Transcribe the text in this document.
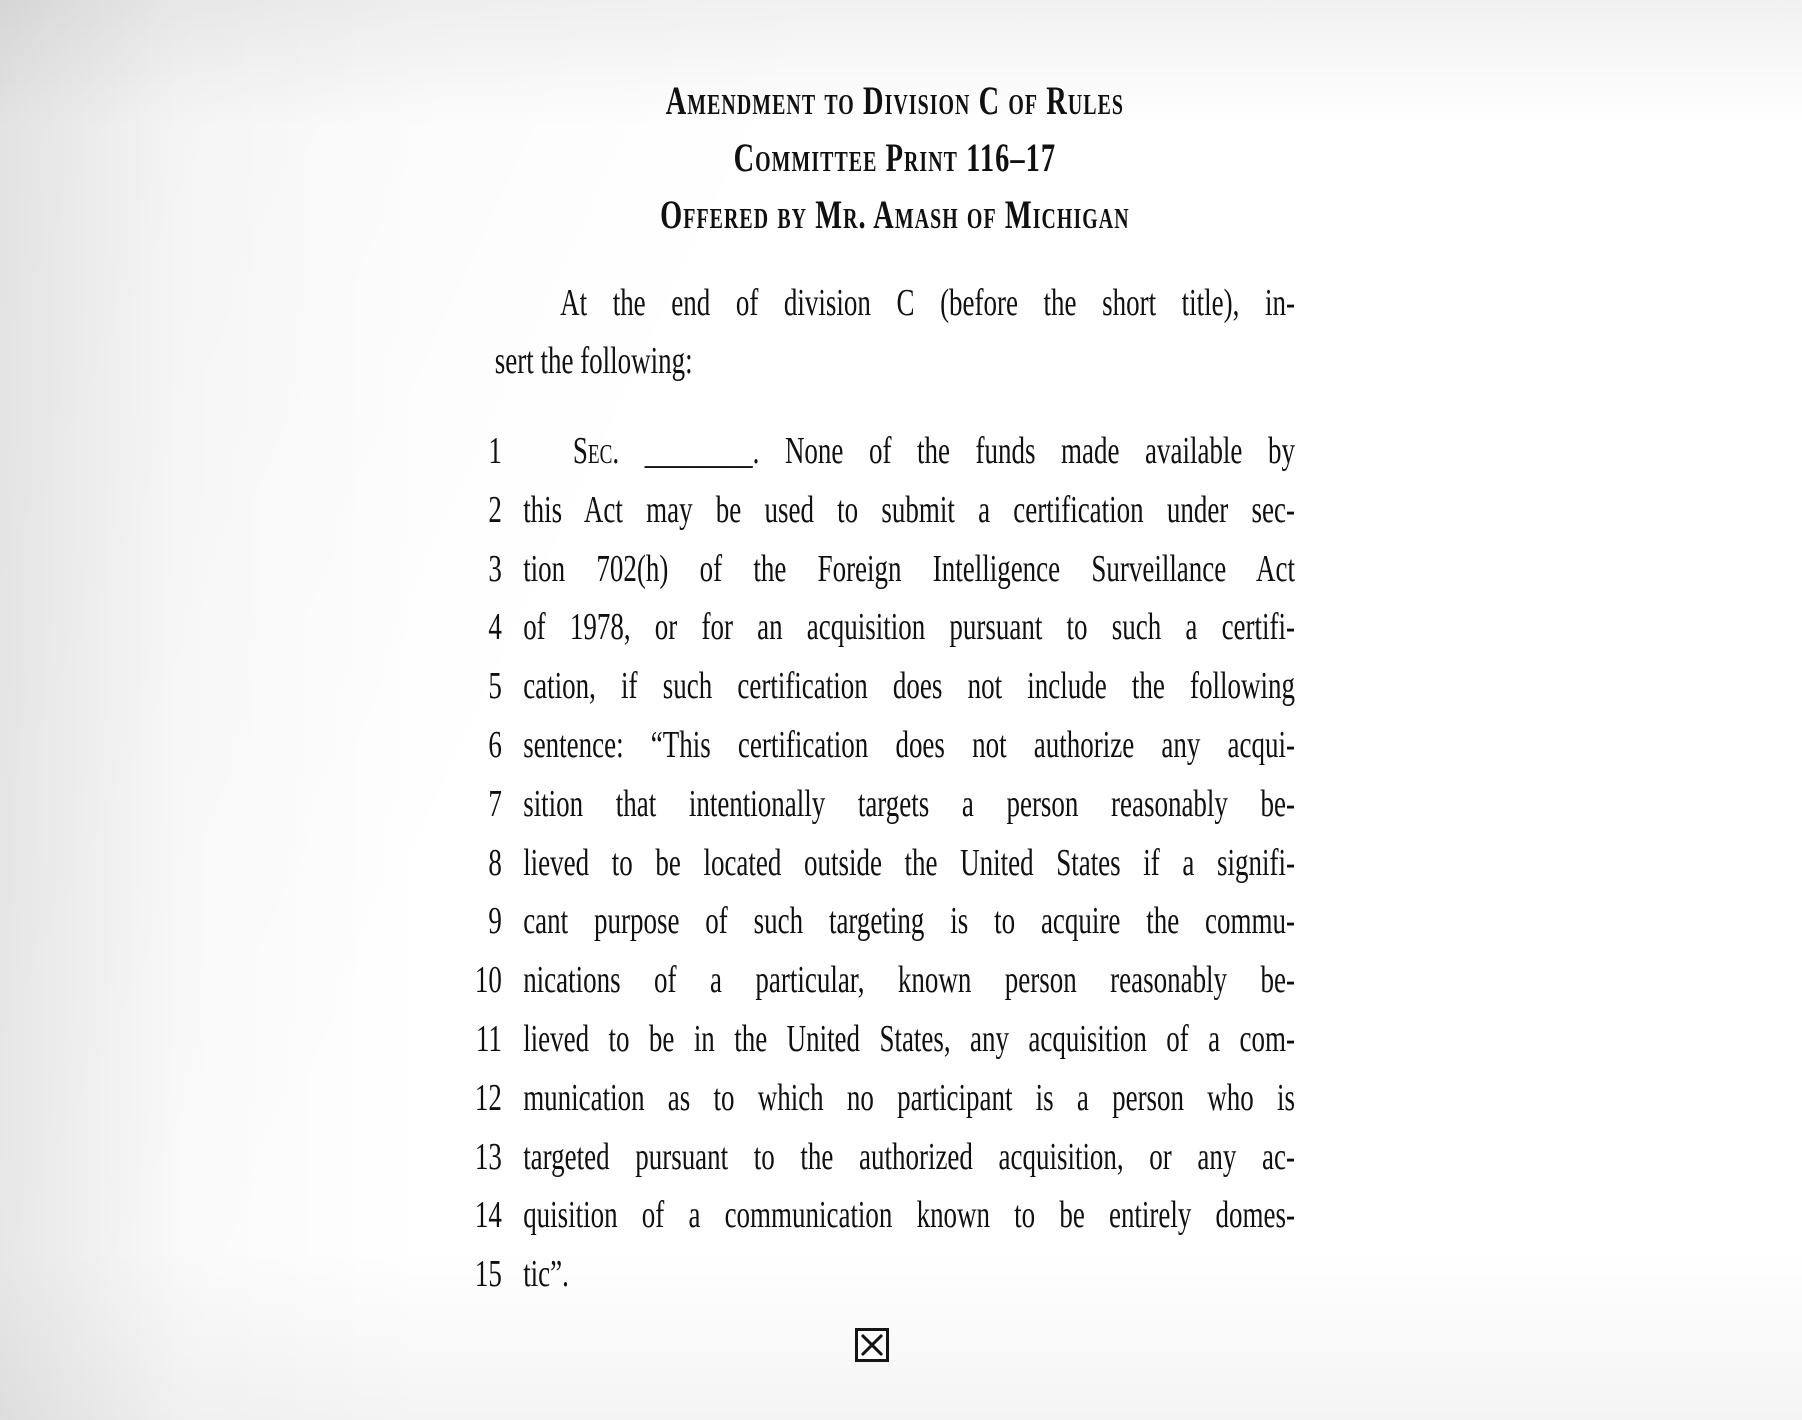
Amendment to Division C of Rules
Committee Print 116–17
Offered by Mr. Amash of Michigan
At the end of division C (before the short title), in-
sert the following:
1	Sec. ________. None of the funds made available by
2 this Act may be used to submit a certification under sec-
3 tion 702(h) of the Foreign Intelligence Surveillance Act
4 of 1978, or for an acquisition pursuant to such a certifi-
5 cation, if such certification does not include the following
6 sentence: “This certification does not authorize any acqui-
7 sition that intentionally targets a person reasonably be-
8 lieved to be located outside the United States if a signifi-
9 cant purpose of such targeting is to acquire the commu-
10 nications of a particular, known person reasonably be-
11 lieved to be in the United States, any acquisition of a com-
12 munication as to which no participant is a person who is
13 targeted pursuant to the authorized acquisition, or any ac-
14 quisition of a communication known to be entirely domes-
15 tic”.
